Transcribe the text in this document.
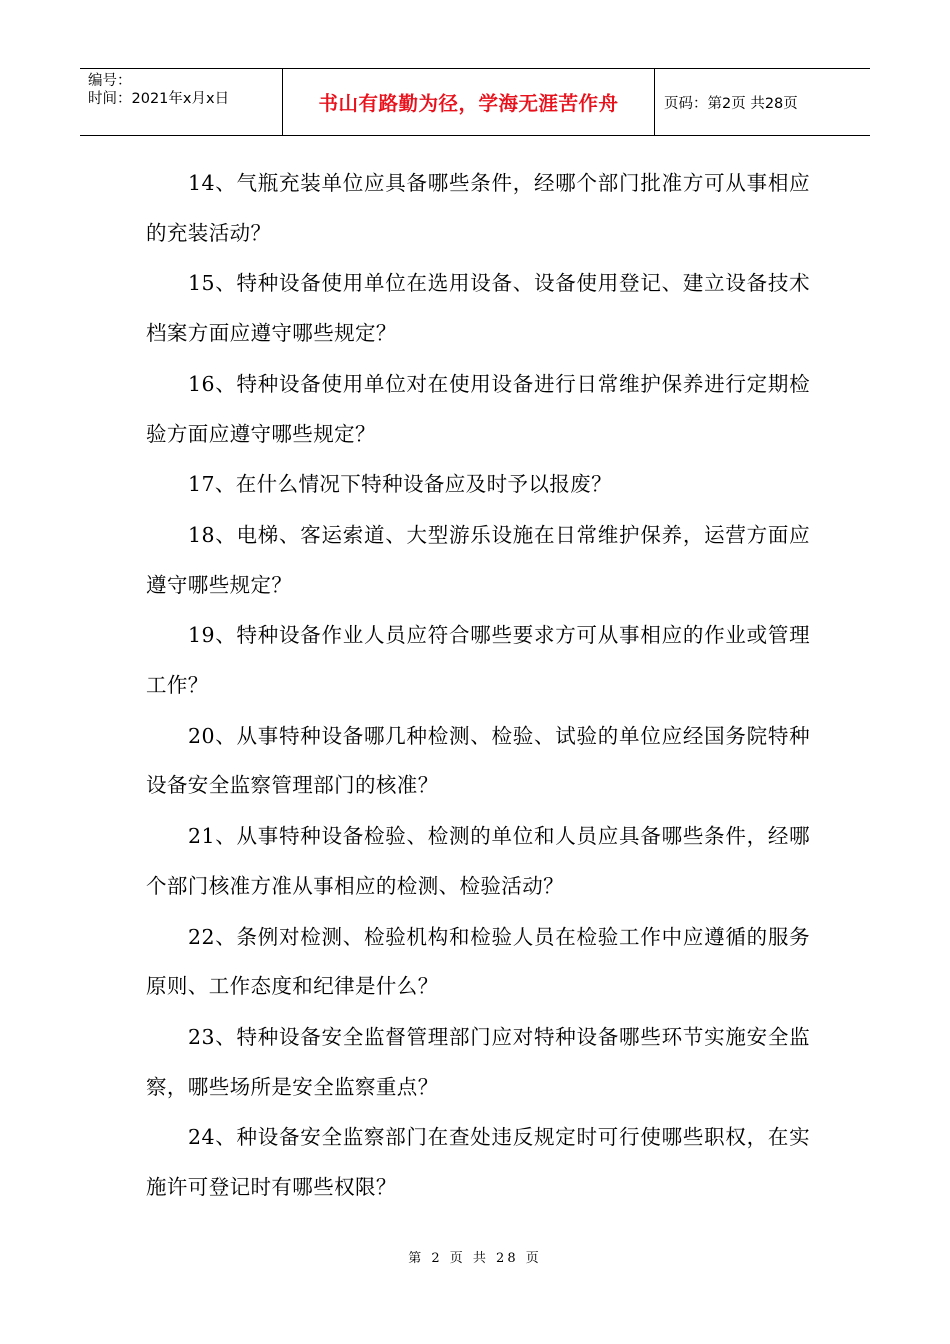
编号：
时间：2021年x月x日	书山有路勤为径，学海无涯苦作舟	页码：第2页 共28页

14、气瓶充装单位应具备哪些条件，经哪个部门批准方可从事相应的充装活动？

15、特种设备使用单位在选用设备、设备使用登记、建立设备技术档案方面应遵守哪些规定？

16、特种设备使用单位对在使用设备进行日常维护保养进行定期检验方面应遵守哪些规定？

17、在什么情况下特种设备应及时予以报废？

18、电梯、客运索道、大型游乐设施在日常维护保养，运营方面应遵守哪些规定？

19、特种设备作业人员应符合哪些要求方可从事相应的作业或管理工作？

20、从事特种设备哪几种检测、检验、试验的单位应经国务院特种设备安全监察管理部门的核准？

21、从事特种设备检验、检测的单位和人员应具备哪些条件，经哪个部门核准方准从事相应的检测、检验活动？

22、条例对检测、检验机构和检验人员在检验工作中应遵循的服务原则、工作态度和纪律是什么？

23、特种设备安全监督管理部门应对特种设备哪些环节实施安全监察，哪些场所是安全监察重点？

24、种设备安全监察部门在查处违反规定时可行使哪些职权，在实施许可登记时有哪些权限？

第 2 页 共 28 页
